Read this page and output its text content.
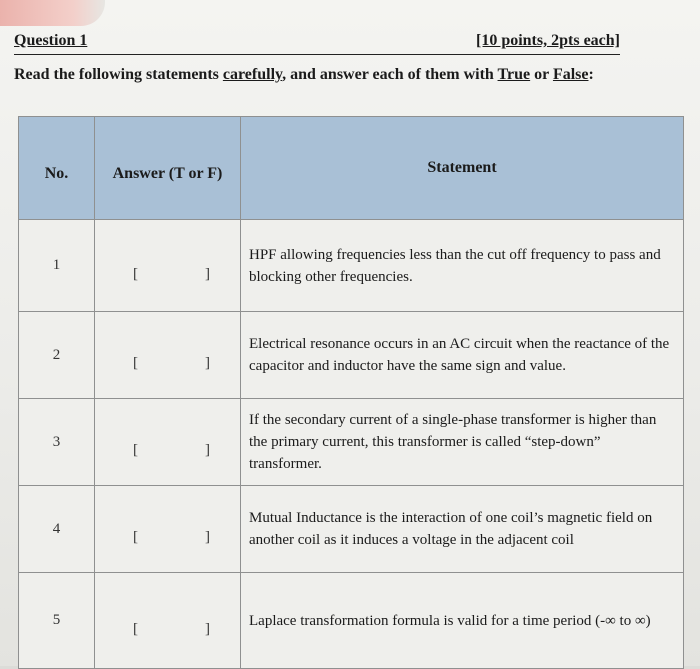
Question 1	[10 points, 2pts each]
Read the following statements carefully, and answer each of them with True or False:
No.	Answer (T or F)	Statement

1	[ ]	HPF allowing frequencies less than the cut off frequency to pass and blocking other frequencies.
2	[ ]	Electrical resonance occurs in an AC circuit when the reactance of the capacitor and inductor have the same sign and value.
3	[ ]	If the secondary current of a single-phase transformer is higher than the primary current, this transformer is called “step-down” transformer.
4	[ ]	Mutual Inductance is the interaction of one coil’s magnetic field on another coil as it induces a voltage in the adjacent coil
5	[ ]	Laplace transformation formula is valid for a time period (-∞ to ∞)
